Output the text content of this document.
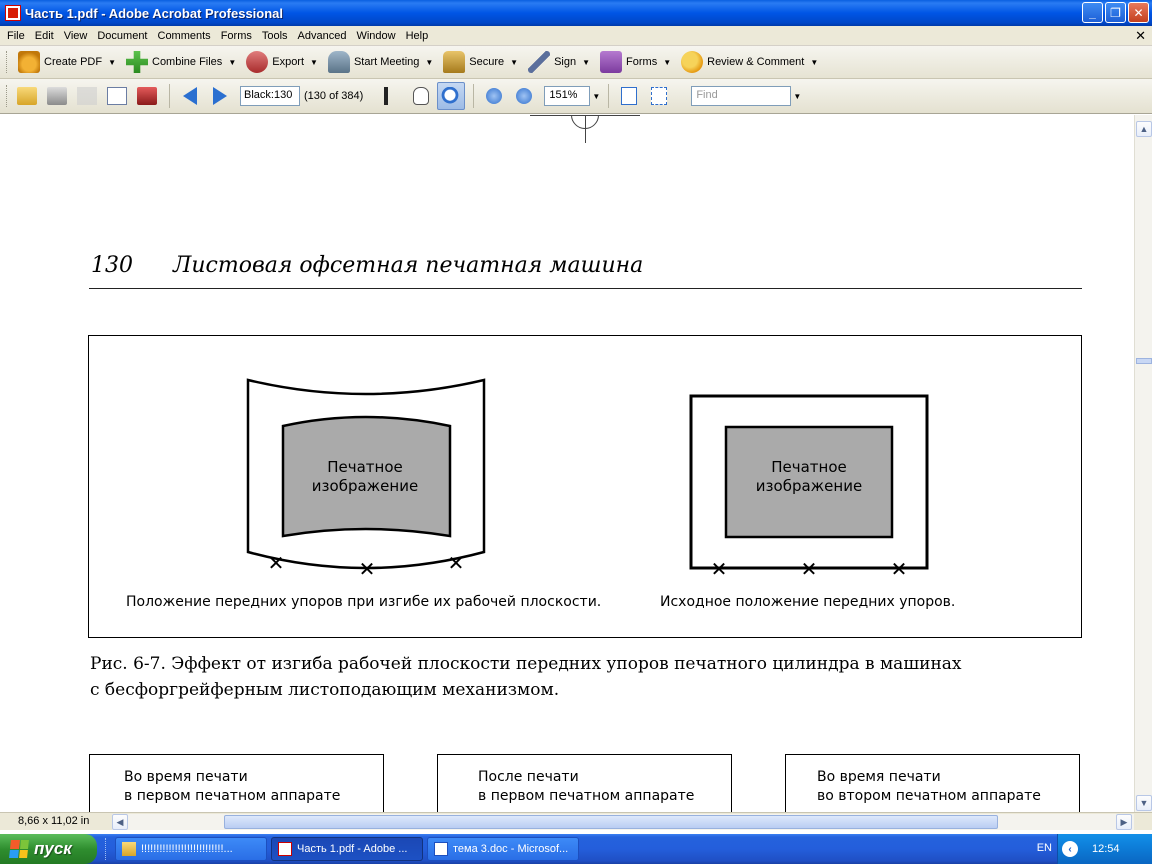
Часть 1.pdf - Adobe Acrobat Professional	_	❐	✕
File Edit View Document Comments Forms Tools Advanced Window Help	✕
Create PDF ▼	Combine Files ▼	Export ▼	Start Meeting ▼	Secure ▼	Sign ▼	Forms ▼	Review & Comment ▼
Black:130	(130 of 384)	151%	▼	Find	▼
130 Листовая офсетная печатная машина
Печатное
изображение
✕	✕	✕
Печатное
изображение
✕	✕	✕
Положение передних упоров при изгибе их рабочей плоскости.	Исходное положение передних упоров.
Рис. 6-7. Эффект от изгиба рабочей плоскости передних упоров печатного цилиндра в машинах
с бесфоргрейферным листоподающим механизмом.
Во время печати
в первом печатном аппарате
После печати
в первом печатном аппарате
Во время печати
во втором печатном аппарате
▲
▼
8,66 x 11,02 in	◀	▶
пуск	!!!!!!!!!!!!!!!!!!!!!!!!!!!...	Часть 1.pdf - Adobe ...	тема 3.doc - Microsof...	EN	‹	12:54
